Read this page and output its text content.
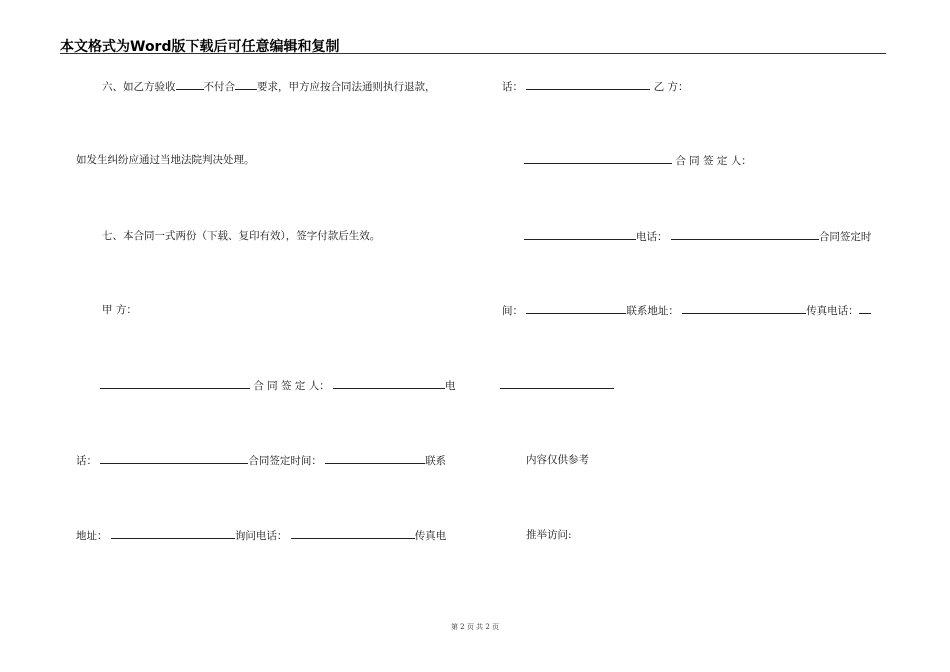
本文格式为Word版下载后可任意编辑和复制
六、如乙方验收	不付合 要求，甲方应按合同法通则执行退款，
如发生纠纷应通过当地法院判决处理。
七、本合同一式两份（下载、复印有效），签字付款后生效。
甲 方：
合 同 签 定 人：	电
话：	合同签定时间：	联系
地址：	询问电话：	传真电
话：	乙 方：
合 同 签 定 人：
电话：	合同签定时
间：	联系地址：	传真电话：
内容仅供参考
推举访问:
第 2 页 共 2 页
